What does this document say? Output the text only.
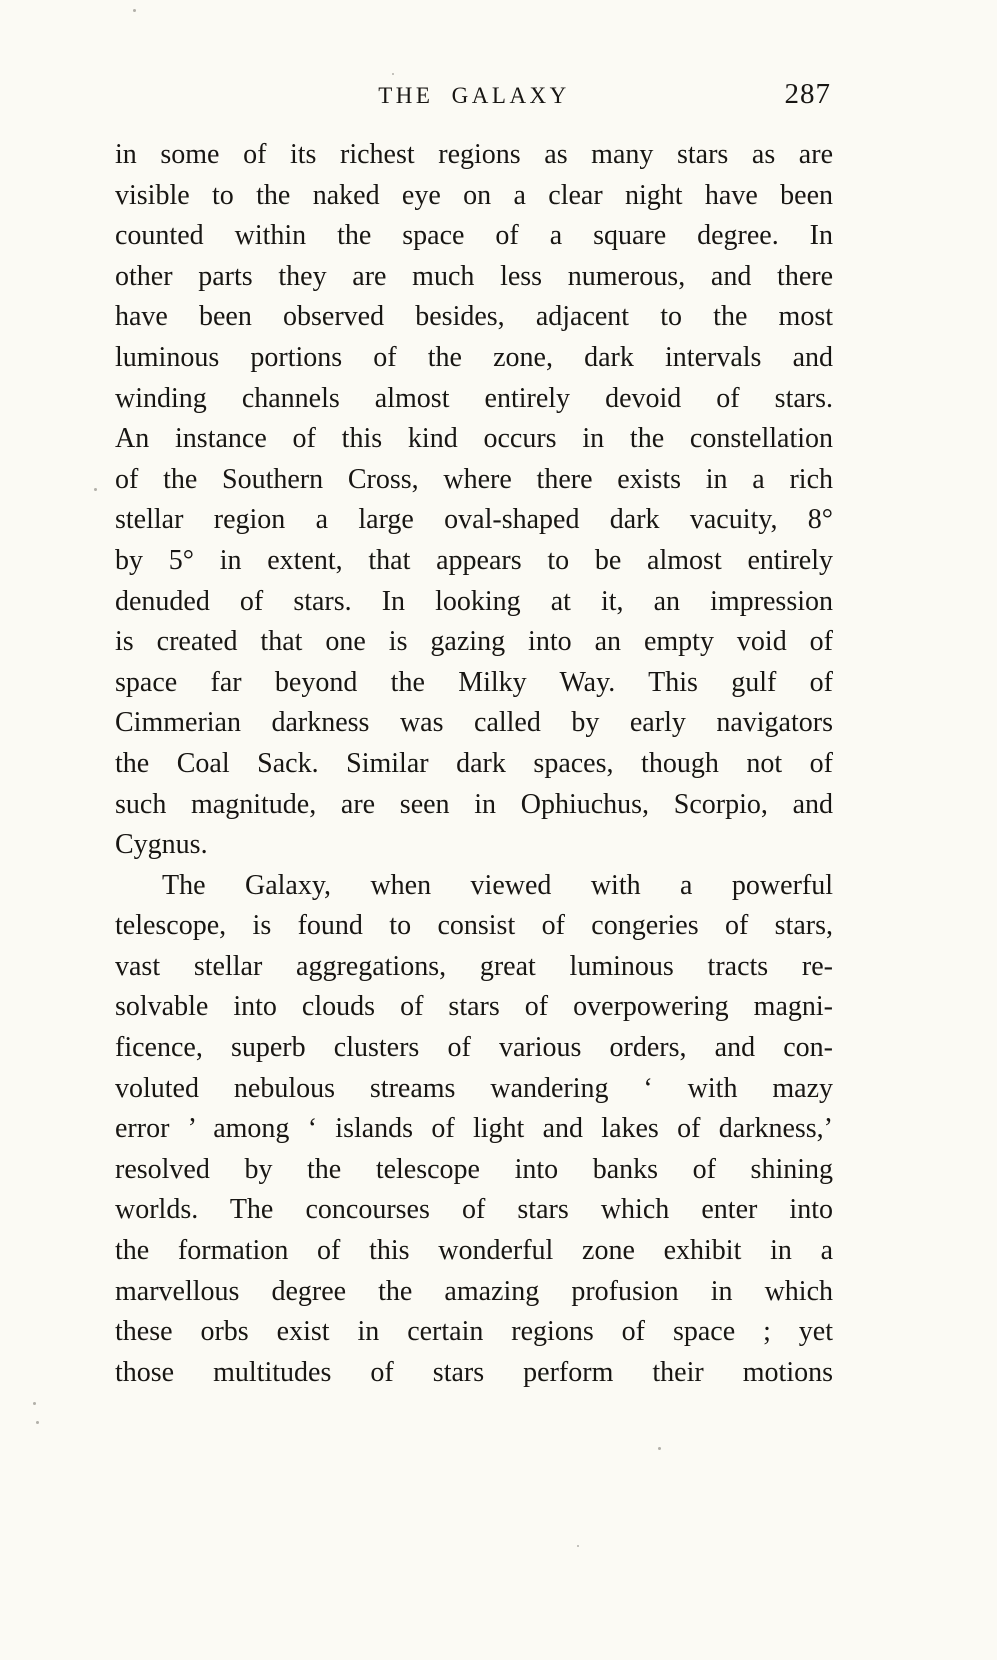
THE GALAXY	287
in some of its richest regions as many stars as are
visible to the naked eye on a clear night have been
counted within the space of a square degree. In
other parts they are much less numerous, and there
have been observed besides, adjacent to the most
luminous portions of the zone, dark intervals and
winding channels almost entirely devoid of stars.
An instance of this kind occurs in the constellation
of the Southern Cross, where there exists in a rich
stellar region a large oval-shaped dark vacuity, 8°
by 5° in extent, that appears to be almost entirely
denuded of stars. In looking at it, an impression
is created that one is gazing into an empty void of
space far beyond the Milky Way. This gulf of
Cimmerian darkness was called by early navigators
the Coal Sack. Similar dark spaces, though not of
such magnitude, are seen in Ophiuchus, Scorpio, and
Cygnus.
The Galaxy, when viewed with a powerful
telescope, is found to consist of congeries of stars,
vast stellar aggregations, great luminous tracts re-
solvable into clouds of stars of overpowering magni-
ficence, superb clusters of various orders, and con-
voluted nebulous streams wandering ‘ with mazy
error ’ among ‘ islands of light and lakes of darkness,’
resolved by the telescope into banks of shining
worlds. The concourses of stars which enter into
the formation of this wonderful zone exhibit in a
marvellous degree the amazing profusion in which
these orbs exist in certain regions of space ; yet
those multitudes of stars perform their motions
